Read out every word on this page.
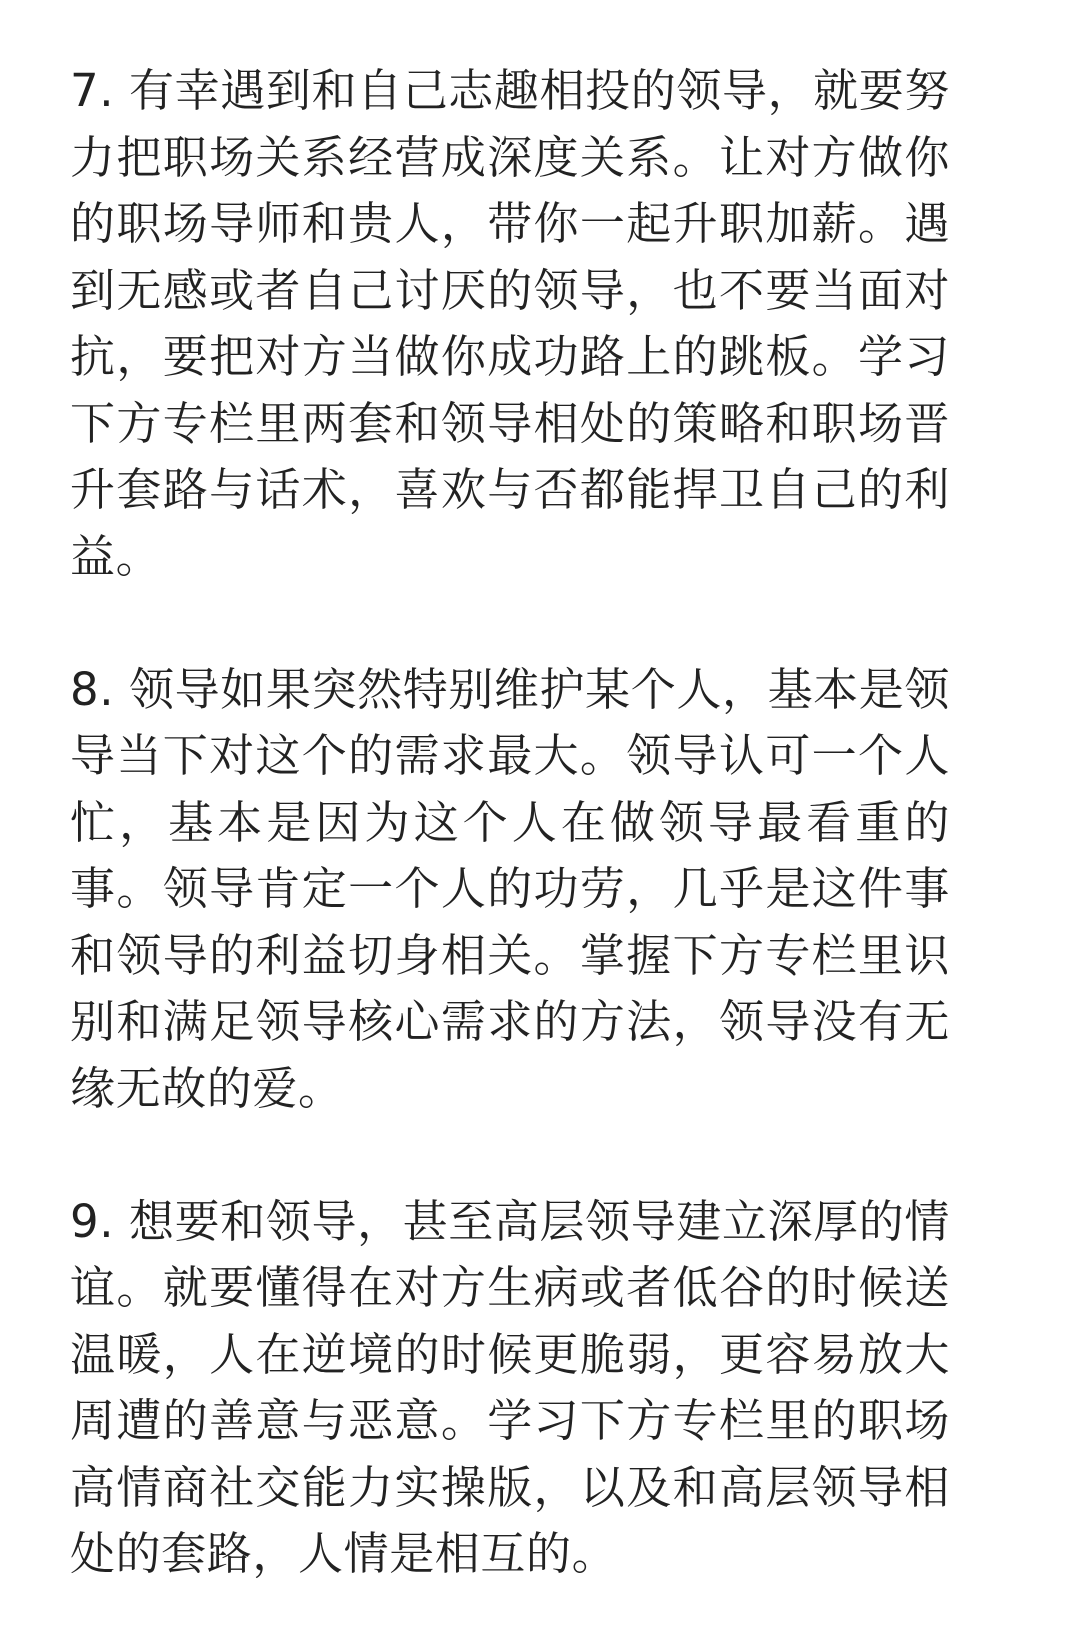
7. 有幸遇到和自己志趣相投的领导，就要努力把职场关系经营成深度关系。让对方做你的职场导师和贵人，带你一起升职加薪。遇到无感或者自己讨厌的领导，也不要当面对抗，要把对方当做你成功路上的跳板。学习下方专栏里两套和领导相处的策略和职场晋升套路与话术，喜欢与否都能捍卫自己的利益。

8. 领导如果突然特别维护某个人，基本是领导当下对这个的需求最大。领导认可一个人忙，基本是因为这个人在做领导最看重的事。领导肯定一个人的功劳，几乎是这件事和领导的利益切身相关。掌握下方专栏里识别和满足领导核心需求的方法，领导没有无缘无故的爱。

9. 想要和领导，甚至高层领导建立深厚的情谊。就要懂得在对方生病或者低谷的时候送温暖，人在逆境的时候更脆弱，更容易放大周遭的善意与恶意。学习下方专栏里的职场高情商社交能力实操版，以及和高层领导相处的套路，人情是相互的。
